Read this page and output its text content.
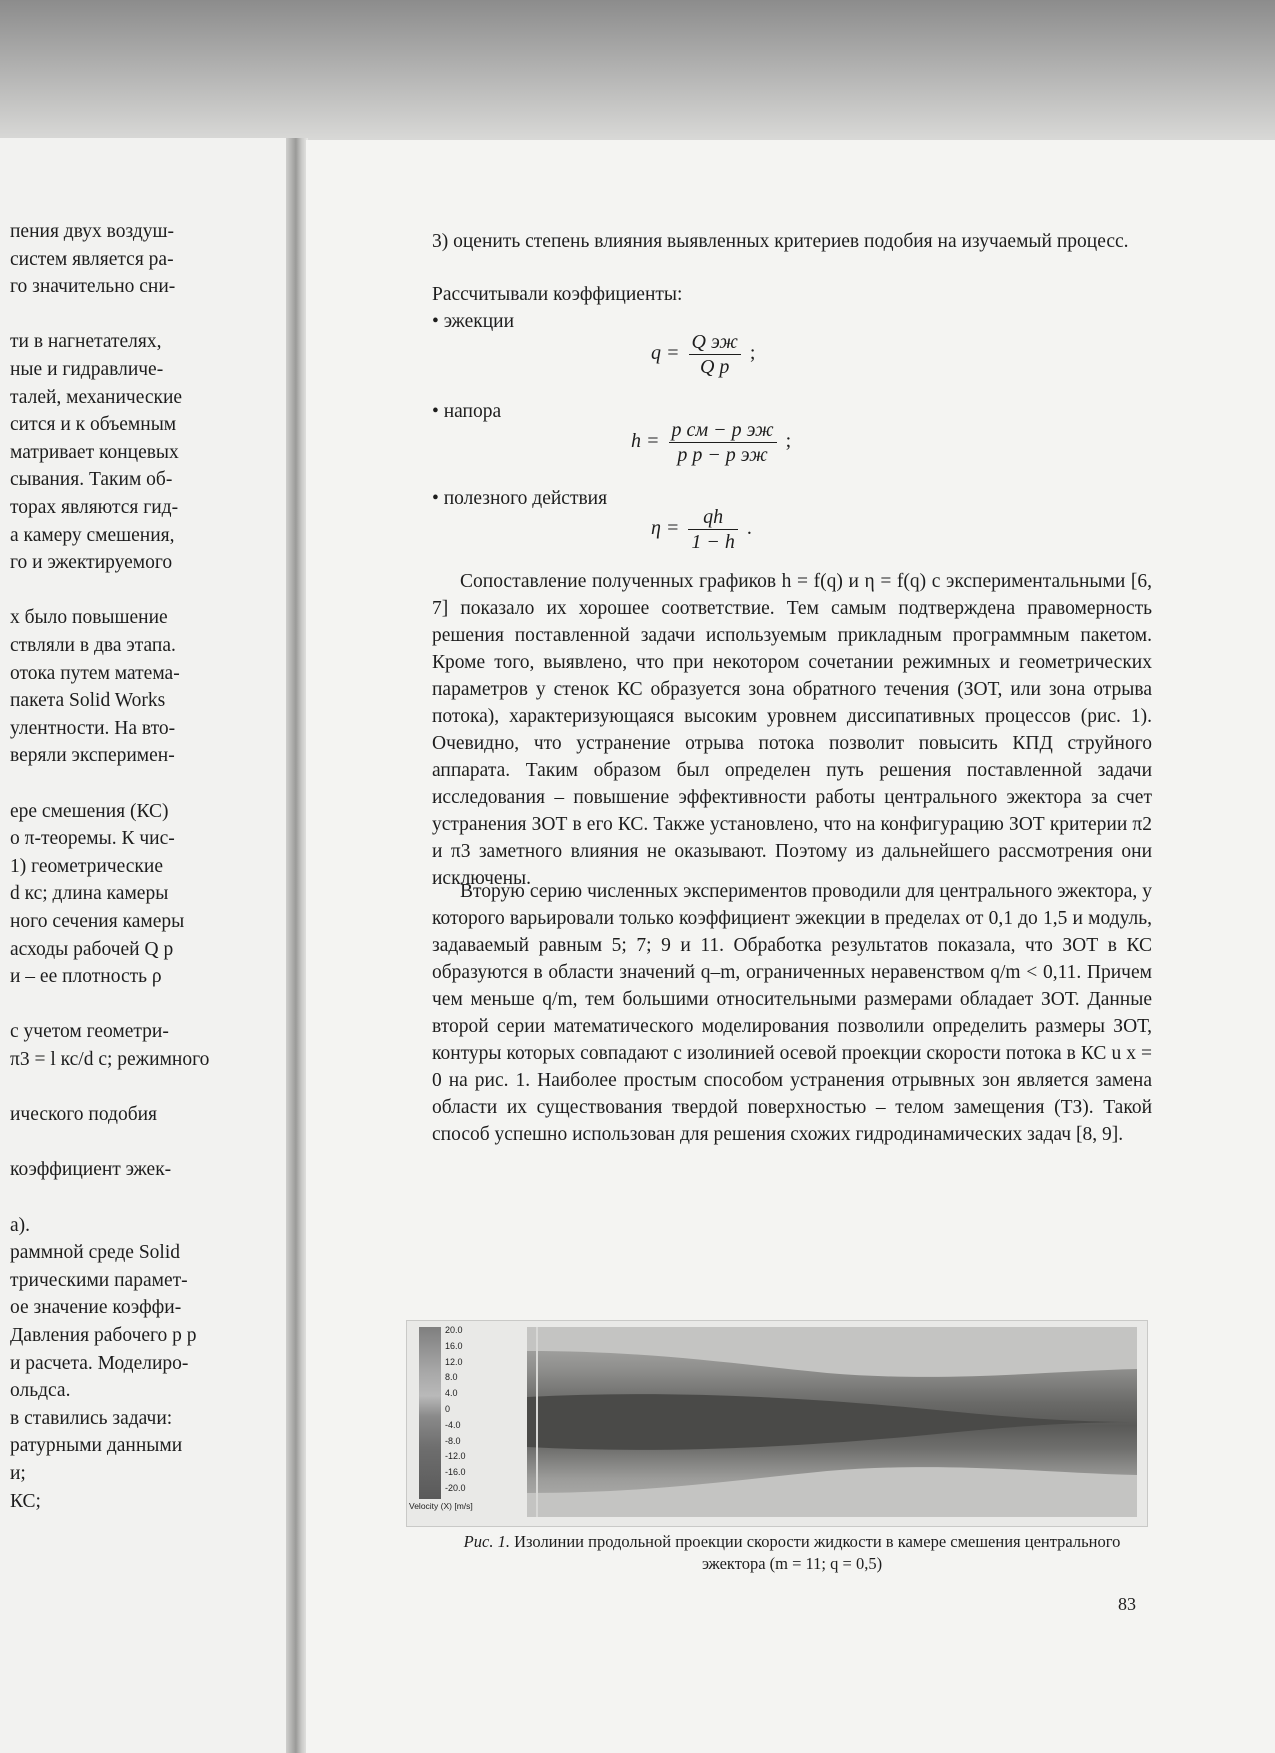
пения двух воздуш-
систем является ра-
го значительно сни-
ти в нагнетателях,
ные и гидравличе-
талей, механические
сится и к объемным
матривает концевых
сывания. Таким об-
торах являются гид-
а камеру смешения,
го и эжектируемого
х было повышение
ствляли в два этапа.
отока путем матема-
пакета Solid Works
улентности. На вто-
веряли эксперимен-
ере смешения (КС)
о π-теоремы. К чис-
1) геометрические
d кс; длина камеры
ного сечения камеры
асходы рабочей Q р
и – ее плотность ρ
с учетом геометри-
π3 = l кс/d с; режимного
ического подобия
коэффициент эжек-
а).
раммной среде Solid
трическими парамет-
ое значение коэффи-
Давления рабочего p р
и расчета. Моделиро-
ольдса.
в ставились задачи:
ратурными данными
и;
КС;
3) оценить степень влияния выявленных критериев подобия на изучаемый процесс.
Рассчитывали коэффициенты:
• эжекции
$q = \frac{\text{Q эж}}{\text{Q р}}$ ;
• напора
$h = \frac{\text{p см − p эж}}{\text{p р − p эж}}$ ;
• полезного действия
$\eta = \frac{qh}{1 - h}$ .
Сопоставление полученных графиков h = f(q) и η = f(q) с экспериментальными [6, 7] показало их хорошее соответствие. Тем самым подтверждена правомерность решения поставленной задачи используемым прикладным программным пакетом. Кроме того, выявлено, что при некотором сочетании режимных и геометрических параметров у стенок КС образуется зона обратного течения (ЗОТ, или зона отрыва потока), характеризующаяся высоким уровнем диссипативных процессов (рис. 1). Очевидно, что устранение отрыва потока позволит повысить КПД струйного аппарата. Таким образом был определен путь решения поставленной задачи исследования – повышение эффективности работы центрального эжектора за счет устранения ЗОТ в его КС. Также установлено, что на конфигурацию ЗОТ критерии π2 и π3 заметного влияния не оказывают. Поэтому из дальнейшего рассмотрения они исключены.
Вторую серию численных экспериментов проводили для центрального эжектора, у которого варьировали только коэффициент эжекции в пределах от 0,1 до 1,5 и модуль, задаваемый равным 5; 7; 9 и 11. Обработка результатов показала, что ЗОТ в КС образуются в области значений q–m, ограниченных неравенством q/m < 0,11. Причем чем меньше q/m, тем большими относительными размерами обладает ЗОТ. Данные второй серии математического моделирования позволили определить размеры ЗОТ, контуры которых совпадают с изолинией осевой проекции скорости потока в КС u x = 0 на рис. 1. Наиболее простым способом устранения отрывных зон является замена области их существования твердой поверхностью – телом замещения (ТЗ). Такой способ успешно использован для решения схожих гидродинамических задач [8, 9].
20.0
16.0
12.0
8.0
4.0
0
-4.0
-8.0
-12.0
-16.0
-20.0
Velocity (X) [m/s]
Рис. 1. Изолинии продольной проекции скорости жидкости в камере смешения центрального эжектора (m = 11; q = 0,5)
83
